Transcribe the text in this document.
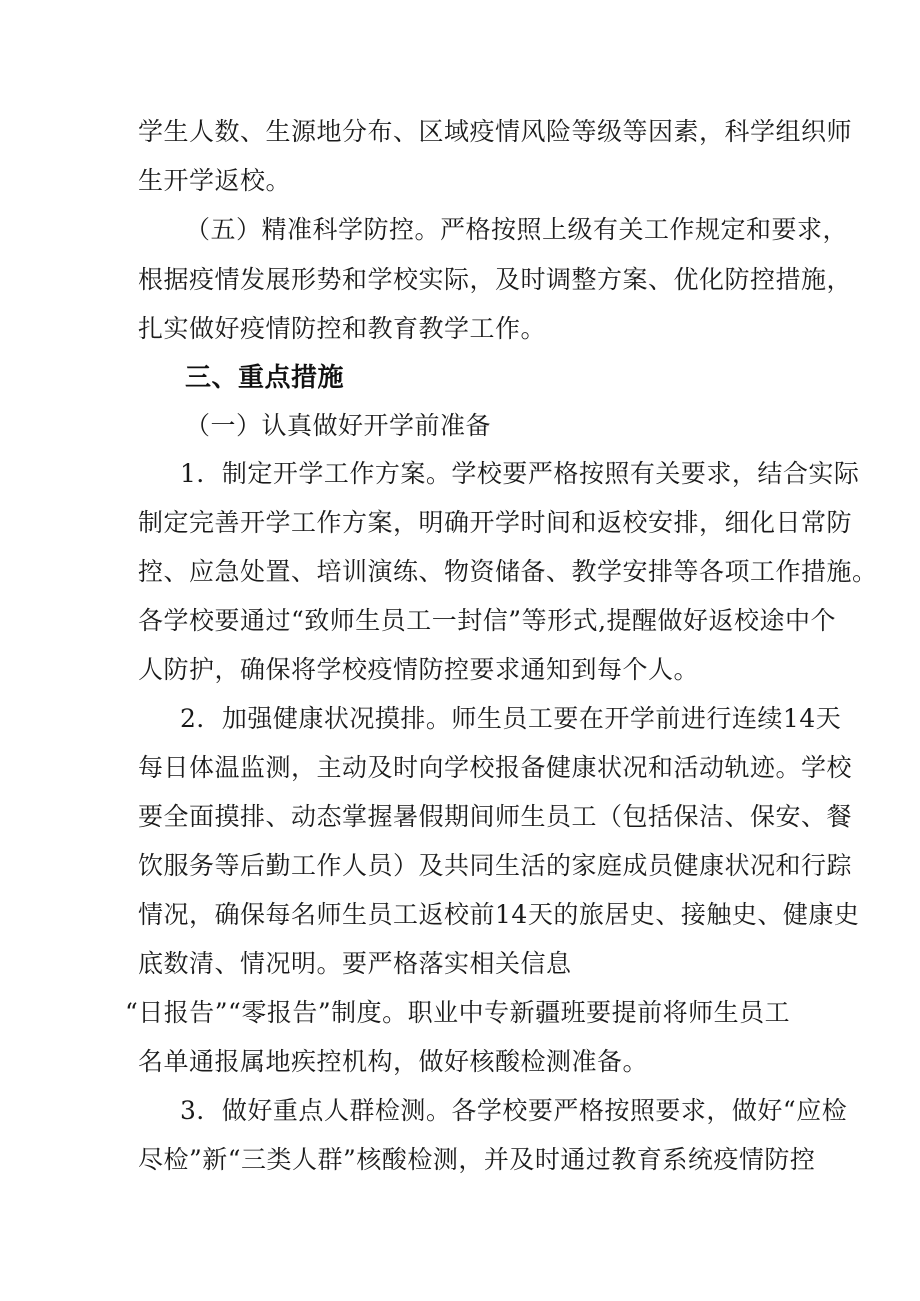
学生人数、生源地分布、区域疫情风险等级等因素，科学组织师
生开学返校。
（五）精准科学防控。严格按照上级有关工作规定和要求，
根据疫情发展形势和学校实际，及时调整方案、优化防控措施，
扎实做好疫情防控和教育教学工作。
三、重点措施
（一）认真做好开学前准备
1．制定开学工作方案。学校要严格按照有关要求，结合实际
制定完善开学工作方案，明确开学时间和返校安排，细化日常防
控、应急处置、培训演练、物资储备、教学安排等各项工作措施。
各学校要通过“致师生员工一封信”等形式,提醒做好返校途中个
人防护，确保将学校疫情防控要求通知到每个人。
2．加强健康状况摸排。师生员工要在开学前进行连续14天
每日体温监测，主动及时向学校报备健康状况和活动轨迹。学校
要全面摸排、动态掌握暑假期间师生员工（包括保洁、保安、餐
饮服务等后勤工作人员）及共同生活的家庭成员健康状况和行踪
情况，确保每名师生员工返校前14天的旅居史、接触史、健康史
底数清、情况明。要严格落实相关信息
“日报告”“零报告”制度。职业中专新疆班要提前将师生员工
名单通报属地疾控机构，做好核酸检测准备。
3．做好重点人群检测。各学校要严格按照要求，做好“应检
尽检”新“三类人群”核酸检测，并及时通过教育系统疫情防控
